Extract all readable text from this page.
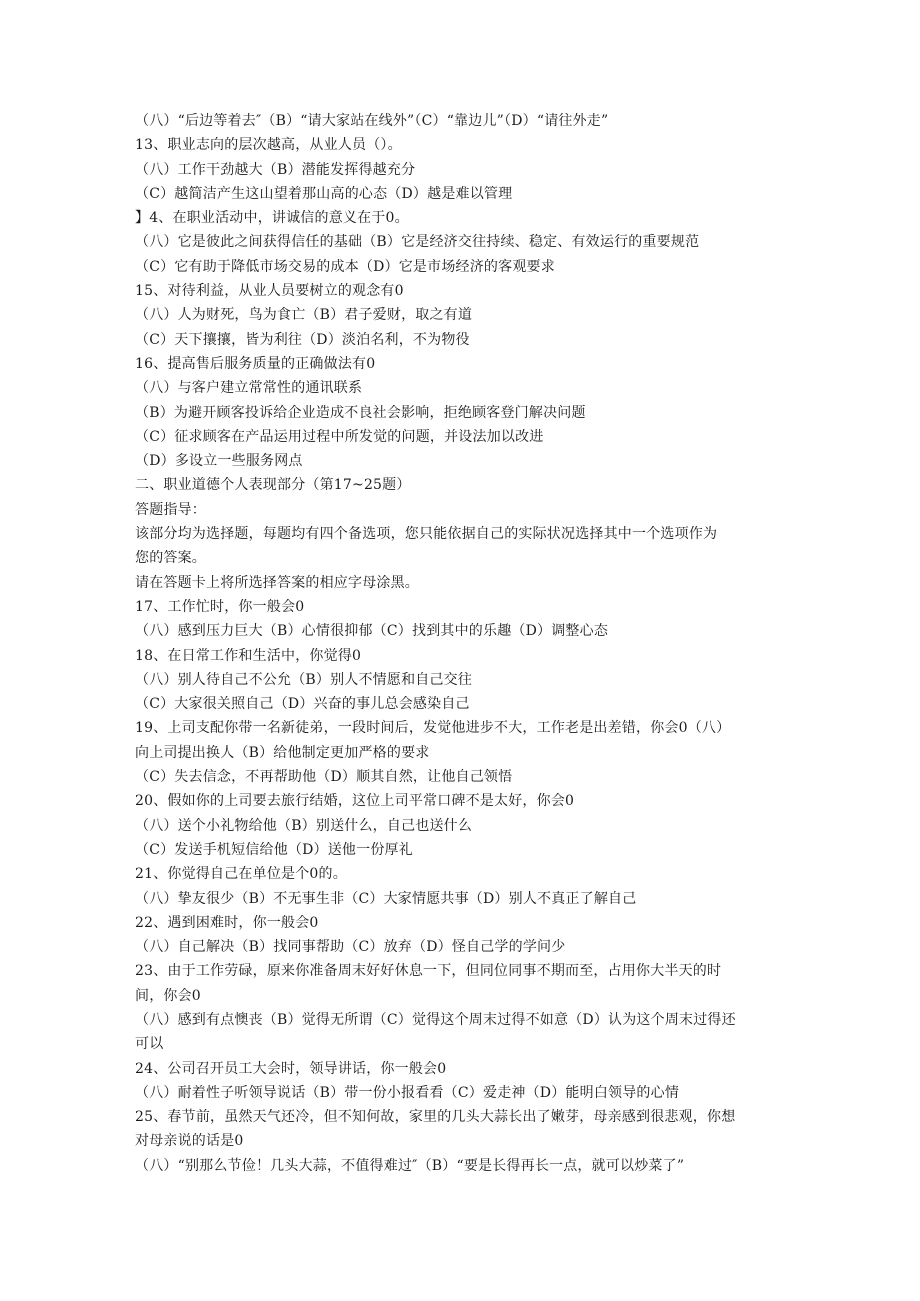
（八）“后边等着去″（B）“请大家站在线外”（C）“靠边儿”（D）“请往外走”
13、职业志向的层次越高，从业人员（）。
（八）工作干劲越大（B）潜能发挥得越充分
（C）越简洁产生这山望着那山高的心态（D）越是难以管理
】4、在职业活动中，讲诚信的意义在于0。
（八）它是彼此之间获得信任的基础（B）它是经济交往持续、稳定、有效运行的重要规范
（C）它有助于降低市场交易的成本（D）它是市场经济的客观要求
15、对待利益，从业人员要树立的观念有0
（八）人为财死，鸟为食亡（B）君子爱财，取之有道
（C）天下攘攘，皆为利往（D）淡泊名利，不为物役
16、提高售后服务质量的正确做法有0
（八）与客户建立常常性的通讯联系
（B）为避开顾客投诉给企业造成不良社会影响，拒绝顾客登门解决问题
（C）征求顾客在产品运用过程中所发觉的问题，并设法加以改进
（D）多设立一些服务网点
二、职业道德个人表现部分（第17~25题）
答题指导：
该部分均为选择题，每题均有四个备选项，您只能依据自己的实际状况选择其中一个选项作为
您的答案。
请在答题卡上将所选择答案的相应字母涂黑。
17、工作忙时，你一般会0
（八）感到压力巨大（B）心情很抑郁（C）找到其中的乐趣（D）调整心态
18、在日常工作和生活中，你觉得0
（八）别人待自己不公允（B）别人不情愿和自己交往
（C）大家很关照自己（D）兴奋的事儿总会感染自己
19、上司支配你带一名新徒弟，一段时间后，发觉他进步不大，工作老是出差错，你会0（八）
向上司提出换人（B）给他制定更加严格的要求
（C）失去信念，不再帮助他（D）顺其自然，让他自己领悟
20、假如你的上司要去旅行结婚，这位上司平常口碑不是太好，你会0
（八）送个小礼物给他（B）别送什么，自己也送什么
（C）发送手机短信给他（D）送他一份厚礼
21、你觉得自己在单位是个0的。
（八）挚友很少（B）不无事生非（C）大家情愿共事（D）别人不真正了解自己
22、遇到困难时，你一般会0
（八）自己解决（B）找同事帮助（C）放弃（D）怪自己学的学问少
23、由于工作劳碌，原来你准备周末好好休息一下，但同位同事不期而至，占用你大半天的时
间，你会0
（八）感到有点懊丧（B）觉得无所谓（C）觉得这个周末过得不如意（D）认为这个周末过得还
可以
24、公司召开员工大会时，领导讲话，你一般会0
（八）耐着性子听领导说话（B）带一份小报看看（C）爱走神（D）能明白领导的心情
25、春节前，虽然天气还冷，但不知何故，家里的几头大蒜长出了嫩芽，母亲感到很悲观，你想
对母亲说的话是0
（八）“别那么节俭！几头大蒜，不值得难过″（B）“要是长得再长一点，就可以炒菜了”
